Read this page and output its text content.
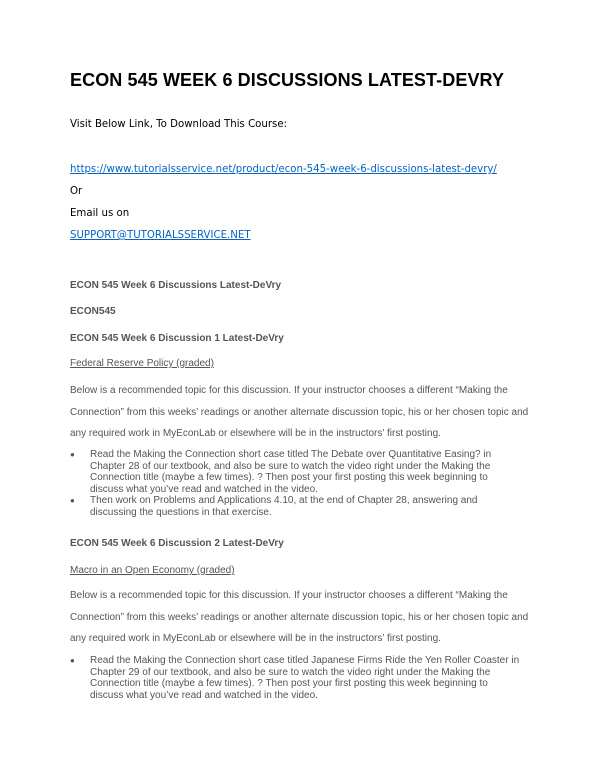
ECON 545 WEEK 6 DISCUSSIONS LATEST-DEVRY
Visit Below Link, To Download This Course:
https://www.tutorialsservice.net/product/econ-545-week-6-discussions-latest-devry/
Or
Email us on
SUPPORT@TUTORIALSSERVICE.NET
ECON 545 Week 6 Discussions Latest-DeVry
ECON545
ECON 545 Week 6 Discussion 1 Latest-DeVry
Federal Reserve Policy (graded)
Below is a recommended topic for this discussion. If your instructor chooses a different “Making the
Connection” from this weeks’ readings or another alternate discussion topic, his or her chosen topic and
any required work in MyEconLab or elsewhere will be in the instructors’ first posting.
● Read the Making the Connection short case titled The Debate over Quantitative Easing? in
Chapter 28 of our textbook, and also be sure to watch the video right under the Making the
Connection title (maybe a few times). ? Then post your first posting this week beginning to
discuss what you’ve read and watched in the video.
● Then work on Problems and Applications 4.10, at the end of Chapter 28, answering and
discussing the questions in that exercise.
ECON 545 Week 6 Discussion 2 Latest-DeVry
Macro in an Open Economy (graded)
Below is a recommended topic for this discussion. If your instructor chooses a different “Making the
Connection” from this weeks’ readings or another alternate discussion topic, his or her chosen topic and
any required work in MyEconLab or elsewhere will be in the instructors’ first posting.
● Read the Making the Connection short case titled Japanese Firms Ride the Yen Roller Coaster in
Chapter 29 of our textbook, and also be sure to watch the video right under the Making the
Connection title (maybe a few times). ? Then post your first posting this week beginning to
discuss what you’ve read and watched in the video.
